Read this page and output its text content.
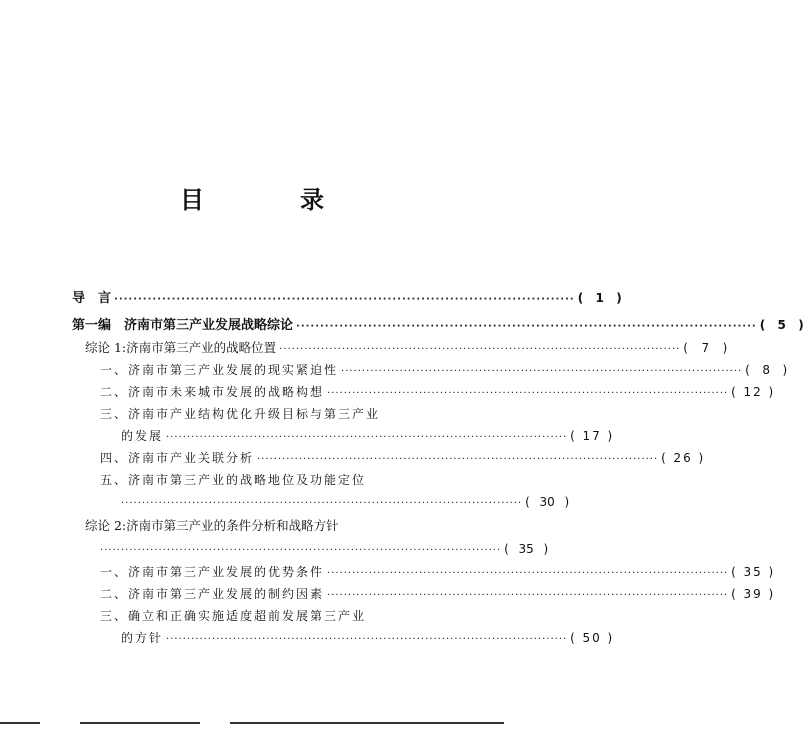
目　录
导　言 ································································································ (	1	)
第一编　济南市第三产业发展战略综论 ································································································ (	5	)
综论 1:济南市第三产业的战略位置 ································································································ (	7	)
一、济南市第三产业发展的现实紧迫性 ································································································ ( 8 )
二、济南市未来城市发展的战略构想 ································································································ ( 12 )
三、济南市产业结构优化升级目标与第三产业
的发展 ································································································ ( 17 )
四、济南市产业关联分析 ································································································ ( 26 )
五、济南市第三产业的战略地位及功能定位
································································································ ( 30 )
综论 2:济南市第三产业的条件分析和战略方针
································································································ ( 35 )
一、济南市第三产业发展的优势条件 ································································································ ( 35 )
二、济南市第三产业发展的制约因素 ································································································ ( 39 )
三、确立和正确实施适度超前发展第三产业
的方针 ································································································ ( 50 )
